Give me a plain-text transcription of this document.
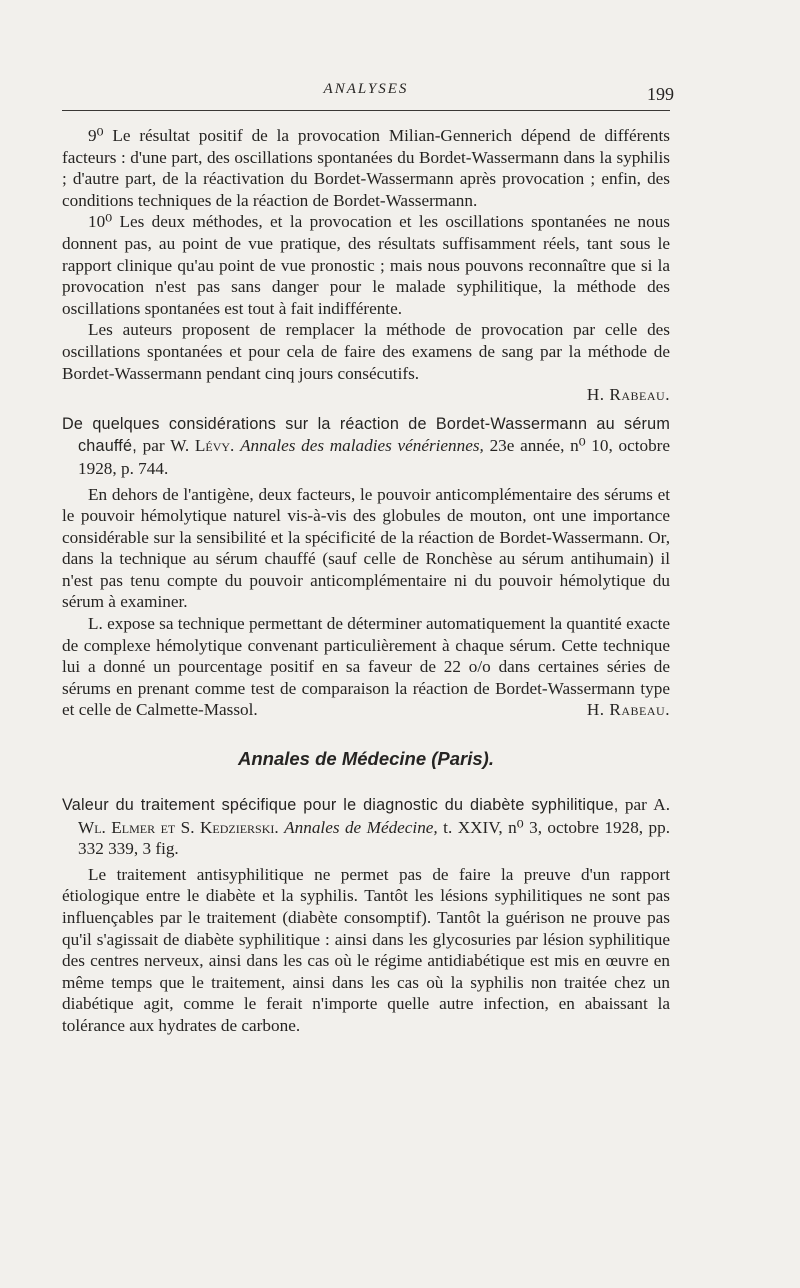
ANALYSES	199

9⁰ Le résultat positif de la provocation Milian-Gennerich dépend de différents facteurs : d'une part, des oscillations spontanées du Bordet-Wassermann dans la syphilis ; d'autre part, de la réactivation du Bordet-Wassermann après provocation ; enfin, des conditions techniques de la réaction de Bordet-Wassermann.

10⁰ Les deux méthodes, et la provocation et les oscillations spontanées ne nous donnent pas, au point de vue pratique, des résultats suffisamment réels, tant sous le rapport clinique qu'au point de vue pronostic ; mais nous pouvons reconnaître que si la provocation n'est pas sans danger pour le malade syphilitique, la méthode des oscillations spontanées est tout à fait indifférente.

Les auteurs proposent de remplacer la méthode de provocation par celle des oscillations spontanées et pour cela de faire des examens de sang par la méthode de Bordet-Wassermann pendant cinq jours consécutifs.

H. Rabeau.

De quelques considérations sur la réaction de Bordet-Wassermann au sérum chauffé, par W. Lévy. Annales des maladies vénériennes, 23e année, n⁰ 10, octobre 1928, p. 744.

En dehors de l'antigène, deux facteurs, le pouvoir anticomplémentaire des sérums et le pouvoir hémolytique naturel vis-à-vis des globules de mouton, ont une importance considérable sur la sensibilité et la spécificité de la réaction de Bordet-Wassermann. Or, dans la technique au sérum chauffé (sauf celle de Ronchèse au sérum antihumain) il n'est pas tenu compte du pouvoir anticomplémentaire ni du pouvoir hémolytique du sérum à examiner.

L. expose sa technique permettant de déterminer automatiquement la quantité exacte de complexe hémolytique convenant particulièrement à chaque sérum. Cette technique lui a donné un pourcentage positif en sa faveur de 22 o/o dans certaines séries de sérums en prenant comme test de comparaison la réaction de Bordet-Wassermann type et celle de Calmette-Massol.	H. Rabeau.

Annales de Médecine (Paris).

Valeur du traitement spécifique pour le diagnostic du diabète syphilitique, par A. Wl. Elmer et S. Kedzierski. Annales de Médecine, t. XXIV, n⁰ 3, octobre 1928, pp. 332 339, 3 fig.

Le traitement antisyphilitique ne permet pas de faire la preuve d'un rapport étiologique entre le diabète et la syphilis. Tantôt les lésions syphilitiques ne sont pas influençables par le traitement (diabète consomptif). Tantôt la guérison ne prouve pas qu'il s'agissait de diabète syphilitique : ainsi dans les glycosuries par lésion syphilitique des centres nerveux, ainsi dans les cas où le régime antidiabétique est mis en œuvre en même temps que le traitement, ainsi dans les cas où la syphilis non traitée chez un diabétique agit, comme le ferait n'importe quelle autre infection, en abaissant la tolérance aux hydrates de carbone.
